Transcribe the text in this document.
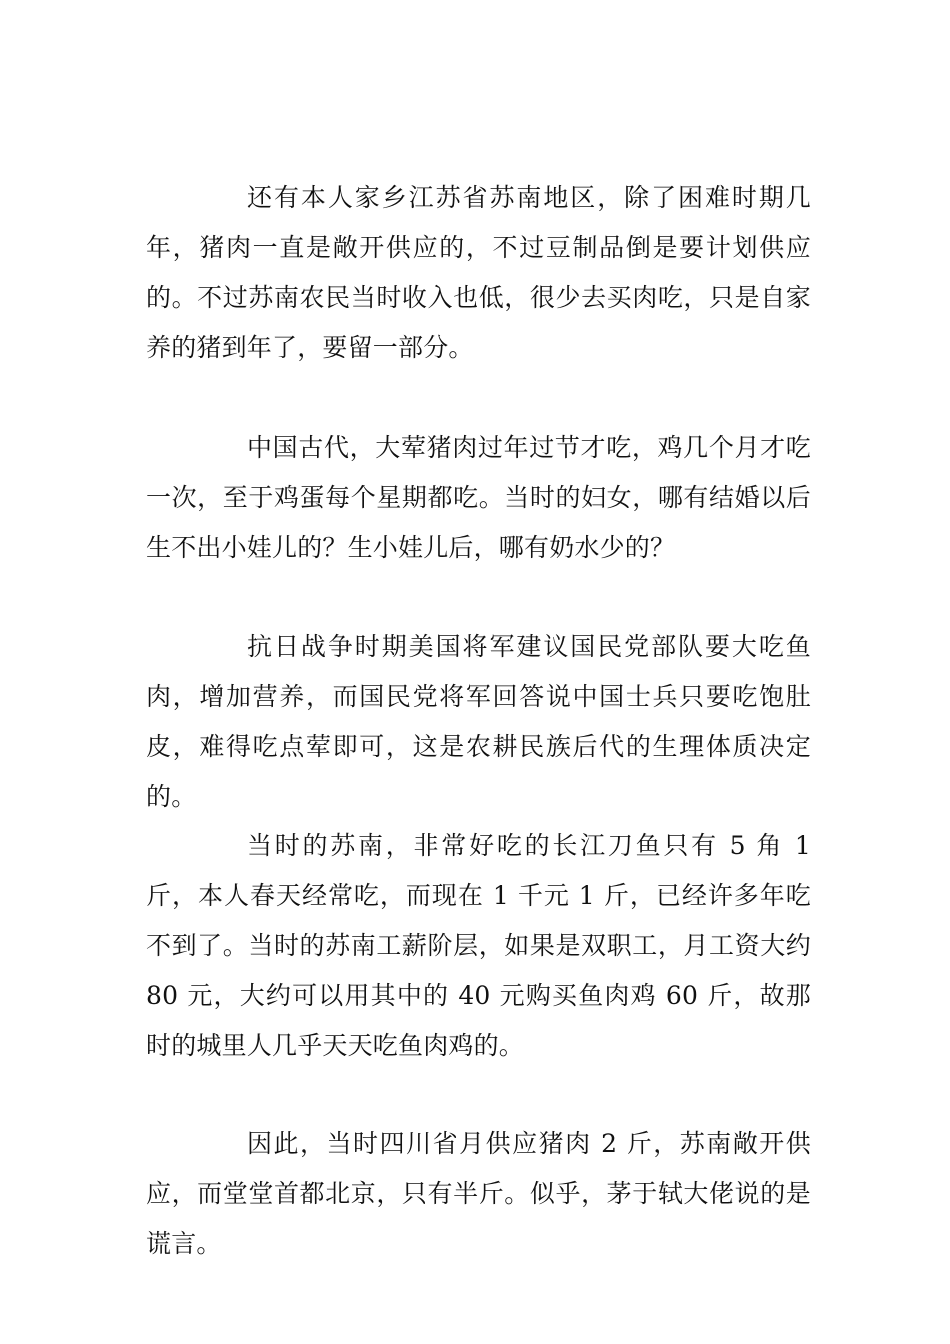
还有本人家乡江苏省苏南地区，除了困难时期几年，猪肉一直是敞开供应的，不过豆制品倒是要计划供应的。不过苏南农民当时收入也低，很少去买肉吃，只是自家养的猪到年了，要留一部分。

中国古代，大荤猪肉过年过节才吃，鸡几个月才吃一次，至于鸡蛋每个星期都吃。当时的妇女，哪有结婚以后生不出小娃儿的？生小娃儿后，哪有奶水少的？

抗日战争时期美国将军建议国民党部队要大吃鱼肉，增加营养，而国民党将军回答说中国士兵只要吃饱肚皮，难得吃点荤即可，这是农耕民族后代的生理体质决定的。

当时的苏南，非常好吃的长江刀鱼只有 5 角 1 斤，本人春天经常吃，而现在 1 千元 1 斤，已经许多年吃不到了。当时的苏南工薪阶层，如果是双职工，月工资大约 80 元，大约可以用其中的 40 元购买鱼肉鸡 60 斤，故那时的城里人几乎天天吃鱼肉鸡的。

因此，当时四川省月供应猪肉 2 斤，苏南敞开供应，而堂堂首都北京，只有半斤。似乎，茅于轼大佬说的是谎言。
